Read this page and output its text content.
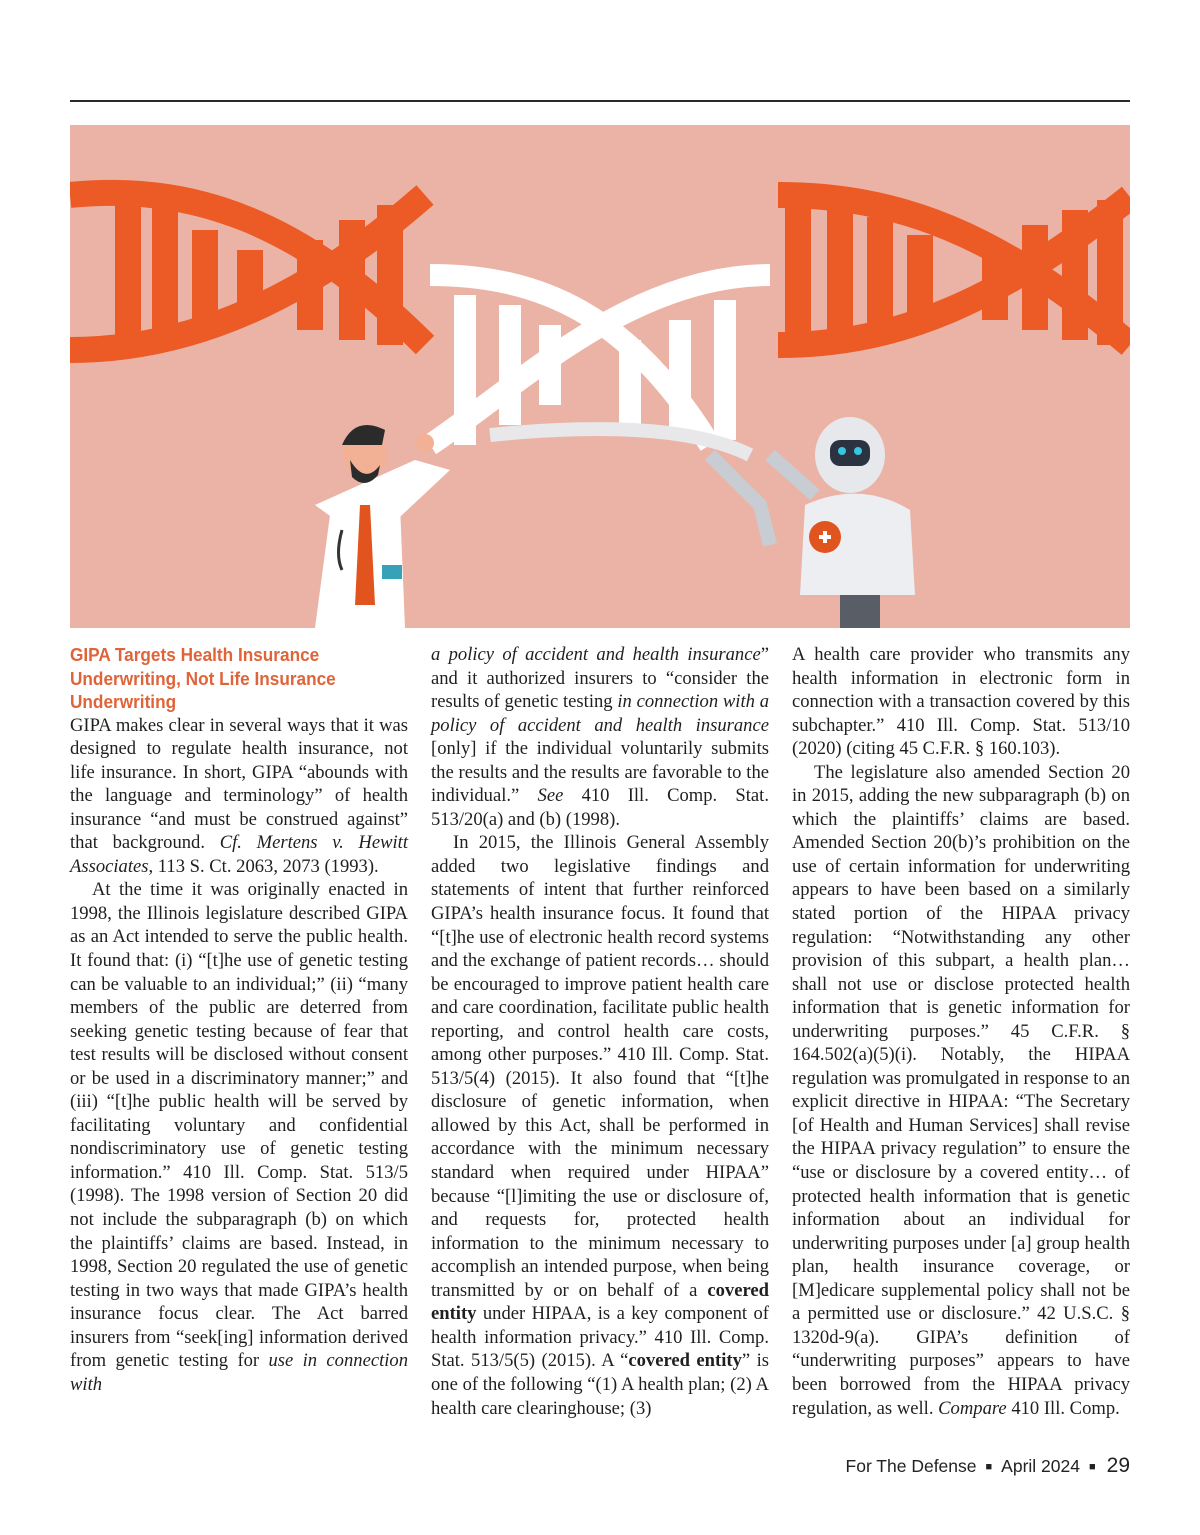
GIPA Targets Health Insurance Underwriting, Not Life Insurance Underwriting

GIPA makes clear in several ways that it was designed to regulate health insurance, not life insurance. In short, GIPA “abounds with the language and terminology” of health insurance “and must be construed against” that background. Cf. Mertens v. Hewitt Associates, 113 S. Ct. 2063, 2073 (1993).

At the time it was originally enacted in 1998, the Illinois legislature described GIPA as an Act intended to serve the public health. It found that: (i) “[t]he use of genetic testing can be valuable to an individual;” (ii) “many members of the public are deterred from seeking genetic testing because of fear that test results will be disclosed without consent or be used in a discriminatory manner;” and (iii) “[t]he public health will be served by facilitating voluntary and confidential nondiscriminatory use of genetic testing information.” 410 Ill. Comp. Stat. 513/5 (1998). The 1998 version of Section 20 did not include the subparagraph (b) on which the plaintiffs’ claims are based. Instead, in 1998, Section 20 regulated the use of genetic testing in two ways that made GIPA’s health insurance focus clear. The Act barred insurers from “seek[ing] information derived from genetic testing for use in connection with

a policy of accident and health insurance” and it authorized insurers to “consider the results of genetic testing in connection with a policy of accident and health insurance [only] if the individual voluntarily submits the results and the results are favorable to the individual.” See 410 Ill. Comp. Stat. 513/20(a) and (b) (1998).

In 2015, the Illinois General Assembly added two legislative findings and statements of intent that further reinforced GIPA’s health insurance focus. It found that “[t]he use of electronic health record systems and the exchange of patient records… should be encouraged to improve patient health care and care coordination, facilitate public health reporting, and control health care costs, among other purposes.” 410 Ill. Comp. Stat. 513/5(4) (2015). It also found that “[t]he disclosure of genetic information, when allowed by this Act, shall be performed in accordance with the minimum necessary standard when required under HIPAA” because “[l]imiting the use or disclosure of, and requests for, protected health information to the minimum necessary to accomplish an intended purpose, when being transmitted by or on behalf of a covered entity under HIPAA, is a key component of health information privacy.” 410 Ill. Comp. Stat. 513/5(5) (2015). A “covered entity” is one of the following “(1) A health plan; (2) A health care clearinghouse; (3)

A health care provider who transmits any health information in electronic form in connection with a transaction covered by this subchapter.” 410 Ill. Comp. Stat. 513/10 (2020) (citing 45 C.F.R. § 160.103).

The legislature also amended Section 20 in 2015, adding the new subparagraph (b) on which the plaintiffs’ claims are based. Amended Section 20(b)’s prohibition on the use of certain information for underwriting appears to have been based on a similarly stated portion of the HIPAA privacy regulation: “Notwithstanding any other provision of this subpart, a health plan… shall not use or disclose protected health information that is genetic information for underwriting purposes.” 45 C.F.R. § 164.502(a)(5)(i). Notably, the HIPAA regulation was promulgated in response to an explicit directive in HIPAA: “The Secretary [of Health and Human Services] shall revise the HIPAA privacy regulation” to ensure the “use or disclosure by a covered entity… of protected health information that is genetic information about an individual for underwriting purposes under [a] group health plan, health insurance coverage, or [M]edicare supplemental policy shall not be a permitted use or disclosure.” 42 U.S.C. § 1320d-9(a). GIPA’s definition of “underwriting purposes” appears to have been borrowed from the HIPAA privacy regulation, as well. Compare 410 Ill. Comp.

For The Defense ■ April 2024 ■ 29
